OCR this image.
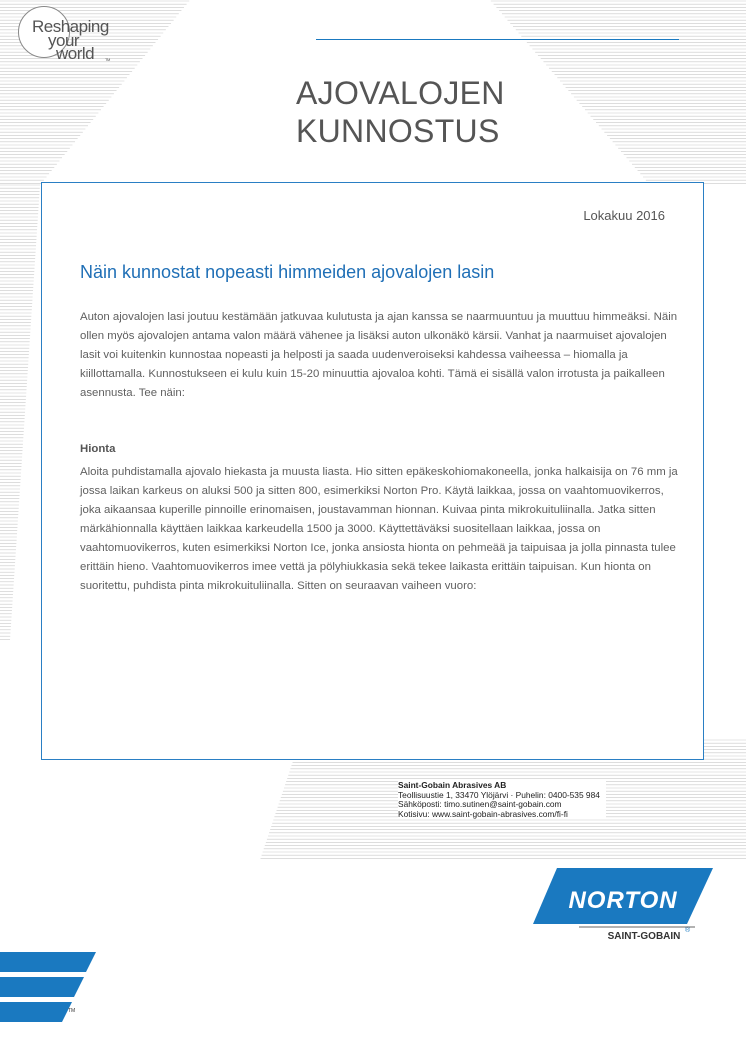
Reshaping
your
world	TM
AJOVALOJEN
KUNNOSTUS
Lokakuu 2016
Näin kunnostat nopeasti himmeiden ajovalojen lasin

Auton ajovalojen lasi joutuu kestämään jatkuvaa kulutusta ja ajan kanssa se naarmuuntuu ja muuttuu himmeäksi. Näin ollen myös ajovalojen antama valon määrä vähenee ja lisäksi auton ulkonäkö kärsii. Vanhat ja naarmuiset ajovalojen lasit voi kuitenkin kunnostaa nopeasti ja helposti ja saada uudenveroiseksi kahdessa vaiheessa – hiomalla ja kiillottamalla. Kunnostukseen ei kulu kuin 15-20 minuuttia ajovaloa kohti. Tämä ei sisällä valon irrotusta ja paikalleen asennusta. Tee näin:

Hionta

Aloita puhdistamalla ajovalo hiekasta ja muusta liasta. Hio sitten epäkeskohiomakoneella, jonka halkaisija on 76 mm ja jossa laikan karkeus on aluksi 500 ja sitten 800, esimerkiksi Norton Pro. Käytä laikkaa, jossa on vaahtomuovikerros, joka aikaansaa kuperille pinnoille erinomaisen, joustavamman hionnan. Kuivaa pinta mikrokuituliinalla. Jatka sitten märkähionnalla käyttäen laikkaa karkeudella 1500 ja 3000. Käyttettäväksi suositellaan laikkaa, jossa on vaahtomuovikerros, kuten esimerkiksi Norton Ice, jonka ansiosta hionta on pehmeää ja taipuisaa ja jolla pinnasta tulee erittäin hieno. Vaahtomuovikerros imee vettä ja pölyhiukkasia sekä tekee laikasta erittäin taipuisan. Kun hionta on suoritettu, puhdista pinta mikrokuituliinalla. Sitten on seuraavan vaiheen vuoro:

Saint-Gobain Abrasives AB
Teollisuustie 1, 33470 Ylöjärvi · Puhelin: 0400-535 984
Sähköposti: timo.sutinen@saint-gobain.com
Kotisivu: www.saint-gobain-abrasives.com/fi-fi
NORTON
®
SAINT-GOBAIN
TM
